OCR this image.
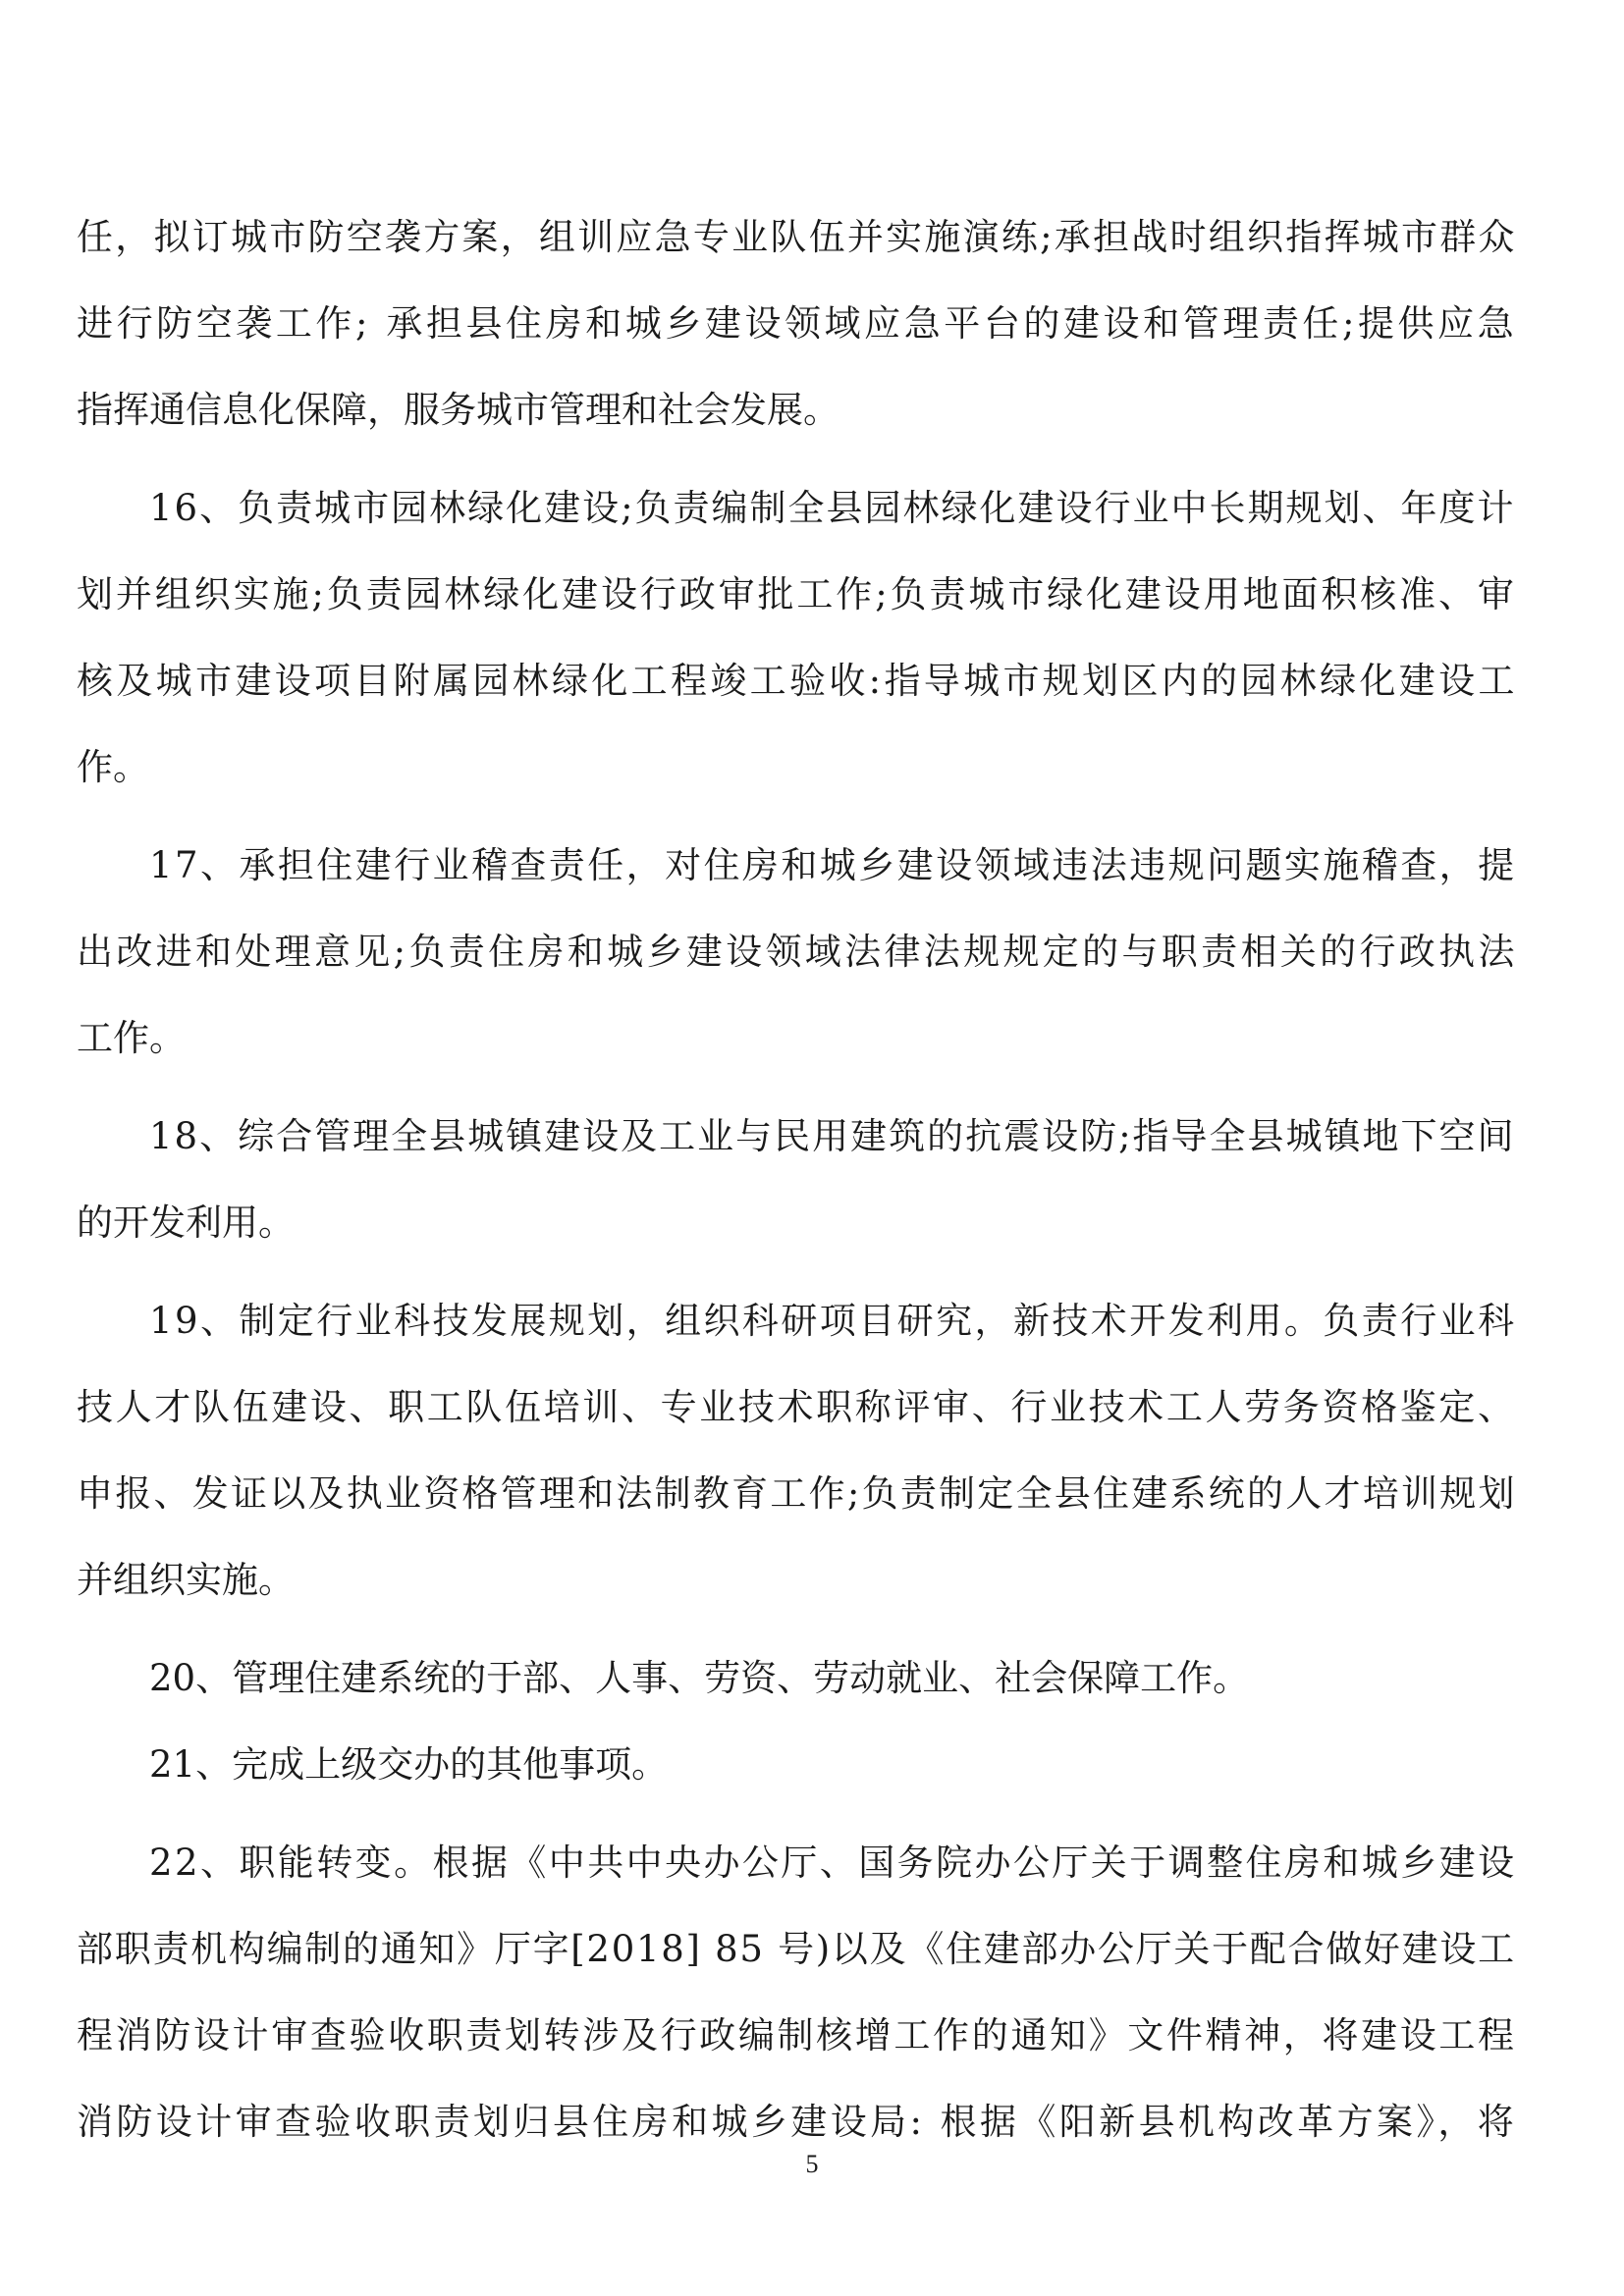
任，拟订城市防空袭方案，组训应急专业队伍并实施演练;承担战时组织指挥城市群众
进行防空袭工作; 承担县住房和城乡建设领域应急平台的建设和管理责任;提供应急
指挥通信息化保障，服务城市管理和社会发展。
16、负责城市园林绿化建设;负责编制全县园林绿化建设行业中长期规划、年度计
划并组织实施;负责园林绿化建设行政审批工作;负责城市绿化建设用地面积核准、审
核及城市建设项目附属园林绿化工程竣工验收:指导城市规划区内的园林绿化建设工
作。
17、承担住建行业稽查责任，对住房和城乡建设领域违法违规问题实施稽查，提
出改进和处理意见;负责住房和城乡建设领域法律法规规定的与职责相关的行政执法
工作。
18、综合管理全县城镇建设及工业与民用建筑的抗震设防;指导全县城镇地下空间
的开发利用。
19、制定行业科技发展规划，组织科研项目研究，新技术开发利用。负责行业科
技人才队伍建设、职工队伍培训、专业技术职称评审、行业技术工人劳务资格鉴定、
申报、发证以及执业资格管理和法制教育工作;负责制定全县住建系统的人才培训规划
并组织实施。
20、管理住建系统的于部、人事、劳资、劳动就业、社会保障工作。
21、完成上级交办的其他事项。
22、职能转变。根据《中共中央办公厅、国务院办公厅关于调整住房和城乡建设
部职责机构编制的通知》厅字[2018] 85 号)以及《住建部办公厅关于配合做好建设工
程消防设计审查验收职责划转涉及行政编制核增工作的通知》文件精神，将建设工程
消防设计审查验收职责划归县住房和城乡建设局: 根据《阳新县机构改革方案》，将
5
